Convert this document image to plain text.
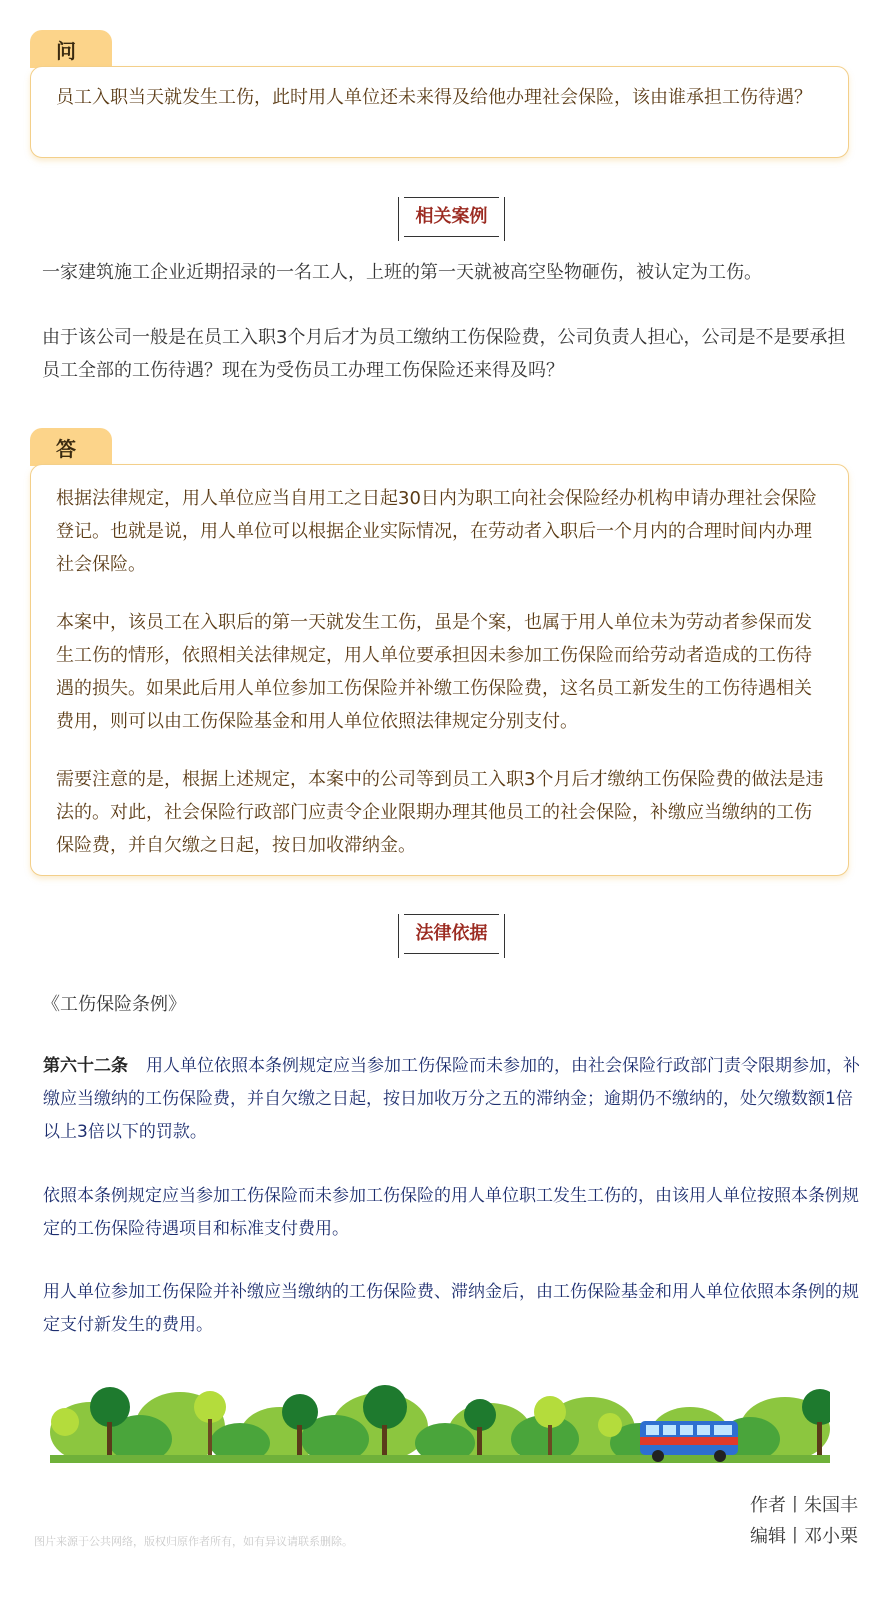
问

员工入职当天就发生工伤，此时用人单位还未来得及给他办理社会保险，该由谁承担工伤待遇？

相关案例

一家建筑施工企业近期招录的一名工人，上班的第一天就被高空坠物砸伤，被认定为工伤。

由于该公司一般是在员工入职3个月后才为员工缴纳工伤保险费，公司负责人担心，公司是不是要承担员工全部的工伤待遇？现在为受伤员工办理工伤保险还来得及吗？

答

根据法律规定，用人单位应当自用工之日起30日内为职工向社会保险经办机构申请办理社会保险登记。也就是说，用人单位可以根据企业实际情况，在劳动者入职后一个月内的合理时间内办理社会保险。

本案中，该员工在入职后的第一天就发生工伤，虽是个案，也属于用人单位未为劳动者参保而发生工伤的情形，依照相关法律规定，用人单位要承担因未参加工伤保险而给劳动者造成的工伤待遇的损失。如果此后用人单位参加工伤保险并补缴工伤保险费，这名员工新发生的工伤待遇相关费用，则可以由工伤保险基金和用人单位依照法律规定分别支付。

需要注意的是，根据上述规定，本案中的公司等到员工入职3个月后才缴纳工伤保险费的做法是违法的。对此，社会保险行政部门应责令企业限期办理其他员工的社会保险，补缴应当缴纳的工伤保险费，并自欠缴之日起，按日加收滞纳金。

法律依据

《工伤保险条例》

第六十二条 用人单位依照本条例规定应当参加工伤保险而未参加的，由社会保险行政部门责令限期参加，补缴应当缴纳的工伤保险费，并自欠缴之日起，按日加收万分之五的滞纳金；逾期仍不缴纳的，处欠缴数额1倍以上3倍以下的罚款。

依照本条例规定应当参加工伤保险而未参加工伤保险的用人单位职工发生工伤的，由该用人单位按照本条例规定的工伤保险待遇项目和标准支付费用。

用人单位参加工伤保险并补缴应当缴纳的工伤保险费、滞纳金后，由工伤保险基金和用人单位依照本条例的规定支付新发生的费用。

图片来源于公共网络，版权归原作者所有，如有异议请联系删除。
作者丨朱国丰
编辑丨邓小栗
